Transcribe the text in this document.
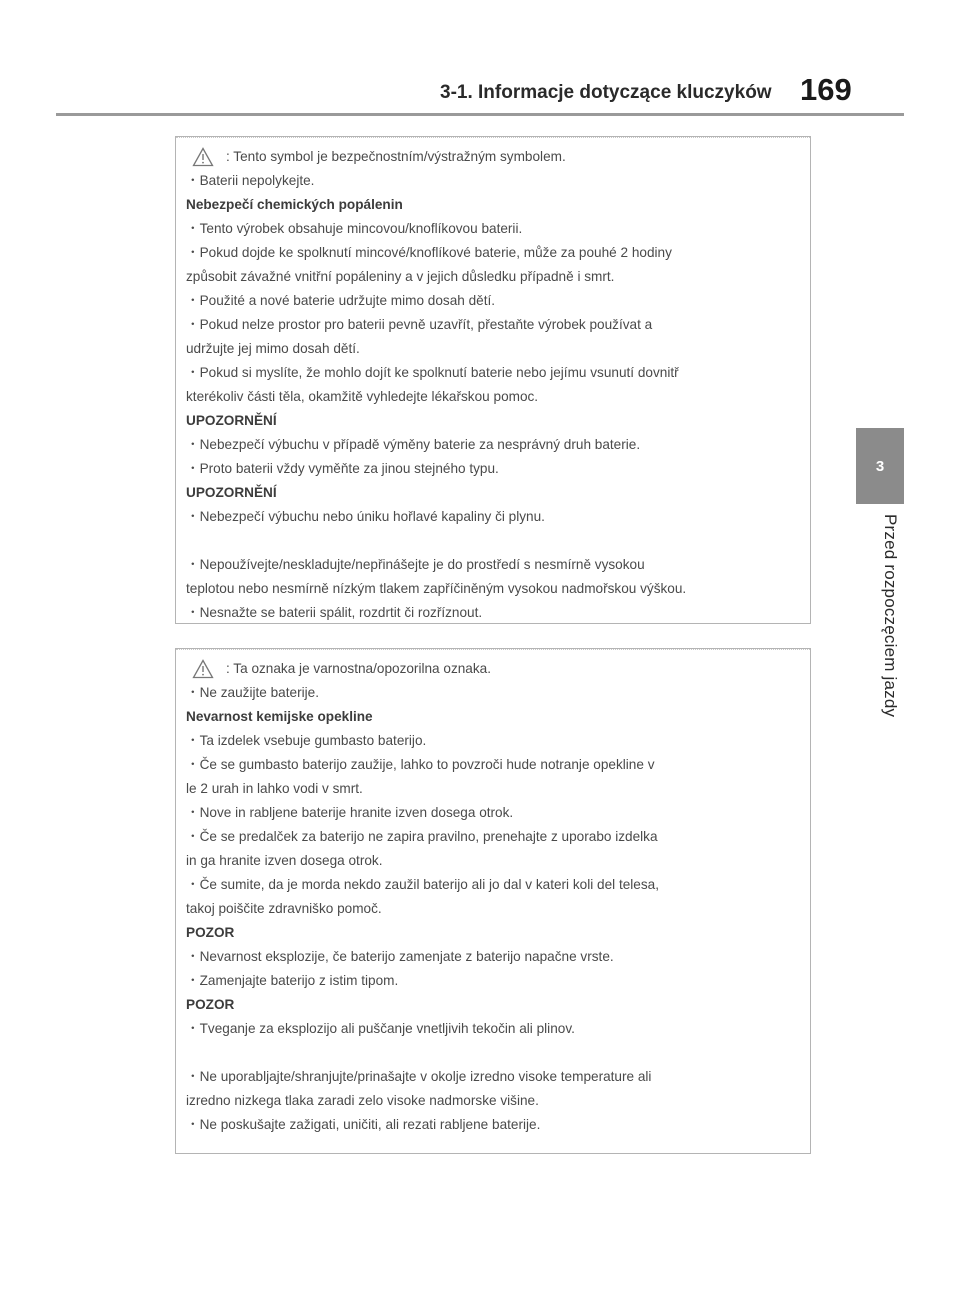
3-1. Informacje dotyczące kluczyków 169
3
Przed rozpoczęciem jazdy
: Tento symbol je bezpečnostním/výstražným symbolem.
・Baterii nepolykejte.
Nebezpečí chemických popálenin
・Tento výrobek obsahuje mincovou/knoflíkovou baterii.
・Pokud dojde ke spolknutí mincové/knoflíkové baterie, může za pouhé 2 hodiny
způsobit závažné vnitřní popáleniny a v jejich důsledku případně i smrt.
・Použité a nové baterie udržujte mimo dosah dětí.
・Pokud nelze prostor pro baterii pevně uzavřít, přestaňte výrobek používat a
udržujte jej mimo dosah dětí.
・Pokud si myslíte, že mohlo dojít ke spolknutí baterie nebo jejímu vsunutí dovnitř
kterékoliv části těla, okamžitě vyhledejte lékařskou pomoc.
UPOZORNĚNÍ
・Nebezpečí výbuchu v případě výměny baterie za nesprávný druh baterie.
・Proto baterii vždy vyměňte za jinou stejného typu.
UPOZORNĚNÍ
・Nebezpečí výbuchu nebo úniku hořlavé kapaliny či plynu.
・Nepoužívejte/neskladujte/nepřinášejte je do prostředí s nesmírně vysokou
teplotou nebo nesmírně nízkým tlakem zapříčiněným vysokou nadmořskou výškou.
・Nesnažte se baterii spálit, rozdrtit či rozříznout.
: Ta oznaka je varnostna/opozorilna oznaka.
・Ne zaužijte baterije.
Nevarnost kemijske opekline
・Ta izdelek vsebuje gumbasto baterijo.
・Če se gumbasto baterijo zaužije, lahko to povzroči hude notranje opekline v
le 2 urah in lahko vodi v smrt.
・Nove in rabljene baterije hranite izven dosega otrok.
・Če se predalček za baterijo ne zapira pravilno, prenehajte z uporabo izdelka
in ga hranite izven dosega otrok.
・Če sumite, da je morda nekdo zaužil baterijo ali jo dal v kateri koli del telesa,
takoj poiščite zdravniško pomoč.
POZOR
・Nevarnost eksplozije, če baterijo zamenjate z baterijo napačne vrste.
・Zamenjajte baterijo z istim tipom.
POZOR
・Tveganje za eksplozijo ali puščanje vnetljivih tekočin ali plinov.
・Ne uporabljajte/shranjujte/prinašajte v okolje izredno visoke temperature ali
izredno nizkega tlaka zaradi zelo visoke nadmorske višine.
・Ne poskušajte zažigati, uničiti, ali rezati rabljene baterije.
